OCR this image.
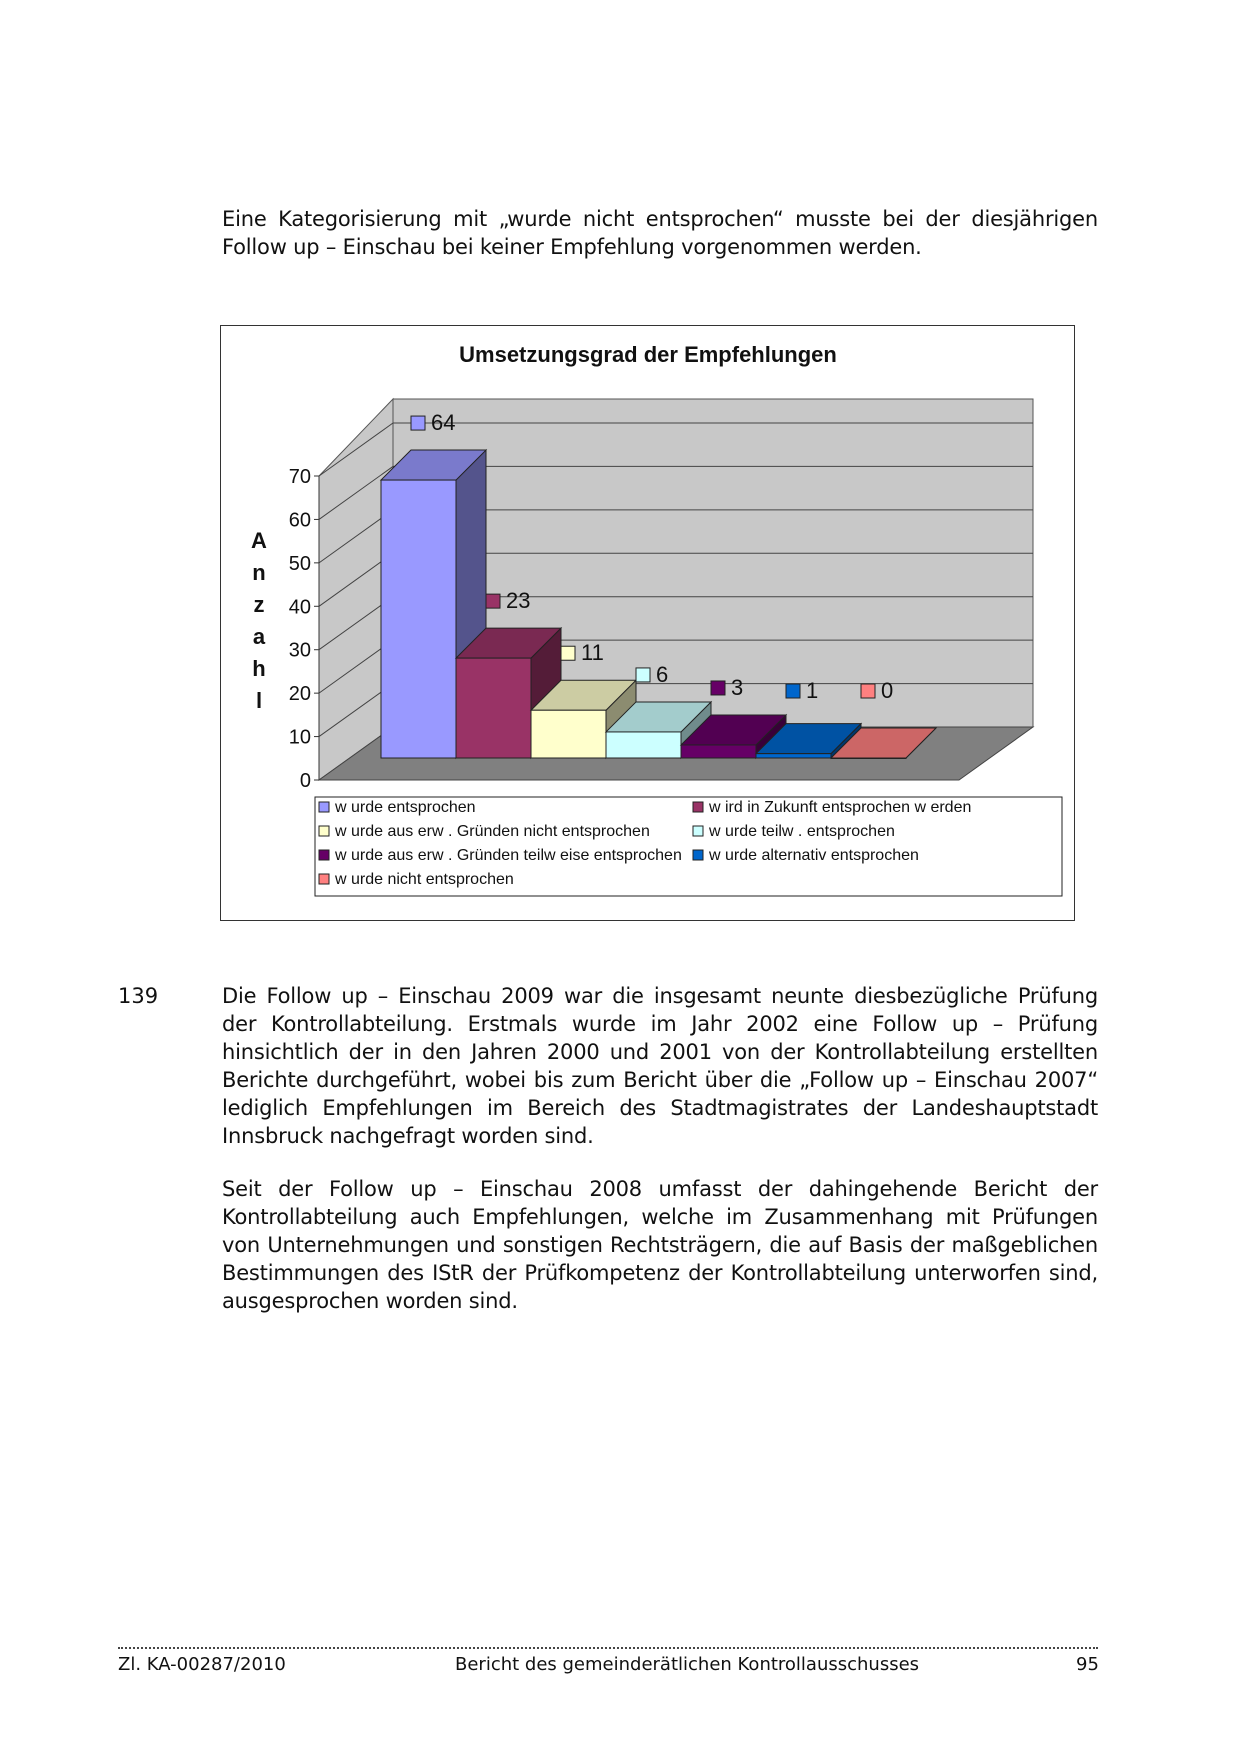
Eine Kategorisierung mit „wurde nicht entsprochen“ musste bei der diesjährigen Follow up – Einschau bei keiner Empfehlung vorgenommen werden.

Umsetzungsgrad der Empfehlungen
0
10
20
30
40
50
60
70
A
n
z
a
h
l
64
23
11
6
3	1	0
w urde entsprochen	w ird in Zukunft entsprochen w erden
w urde aus erw . Gründen nicht entsprochen	w urde teilw . entsprochen
w urde aus erw . Gründen teilw eise entsprochen w urde alternativ entsprochen
w urde nicht entsprochen
139	Die Follow up – Einschau 2009 war die insgesamt neunte diesbezügliche Prüfung der Kontrollabteilung. Erstmals wurde im Jahr 2002 eine Follow up – Prüfung hinsichtlich der in den Jahren 2000 und 2001 von der Kontrollabteilung erstellten Berichte durchgeführt, wobei bis zum Bericht über die „Follow up – Einschau 2007“ lediglich Empfehlungen im Bereich des Stadtmagistrates der Landeshauptstadt Innsbruck nachgefragt worden sind.

Seit der Follow up – Einschau 2008 umfasst der dahingehende Bericht der Kontrollabteilung auch Empfehlungen, welche im Zusammenhang mit Prüfungen von Unternehmungen und sonstigen Rechtsträgern, die auf Basis der maßgeblichen Bestimmungen des IStR der Prüfkompetenz der Kontrollabteilung unterworfen sind, ausgesprochen worden sind.

Zl. KA-00287/2010	Bericht des gemeinderätlichen Kontrollausschusses	95
